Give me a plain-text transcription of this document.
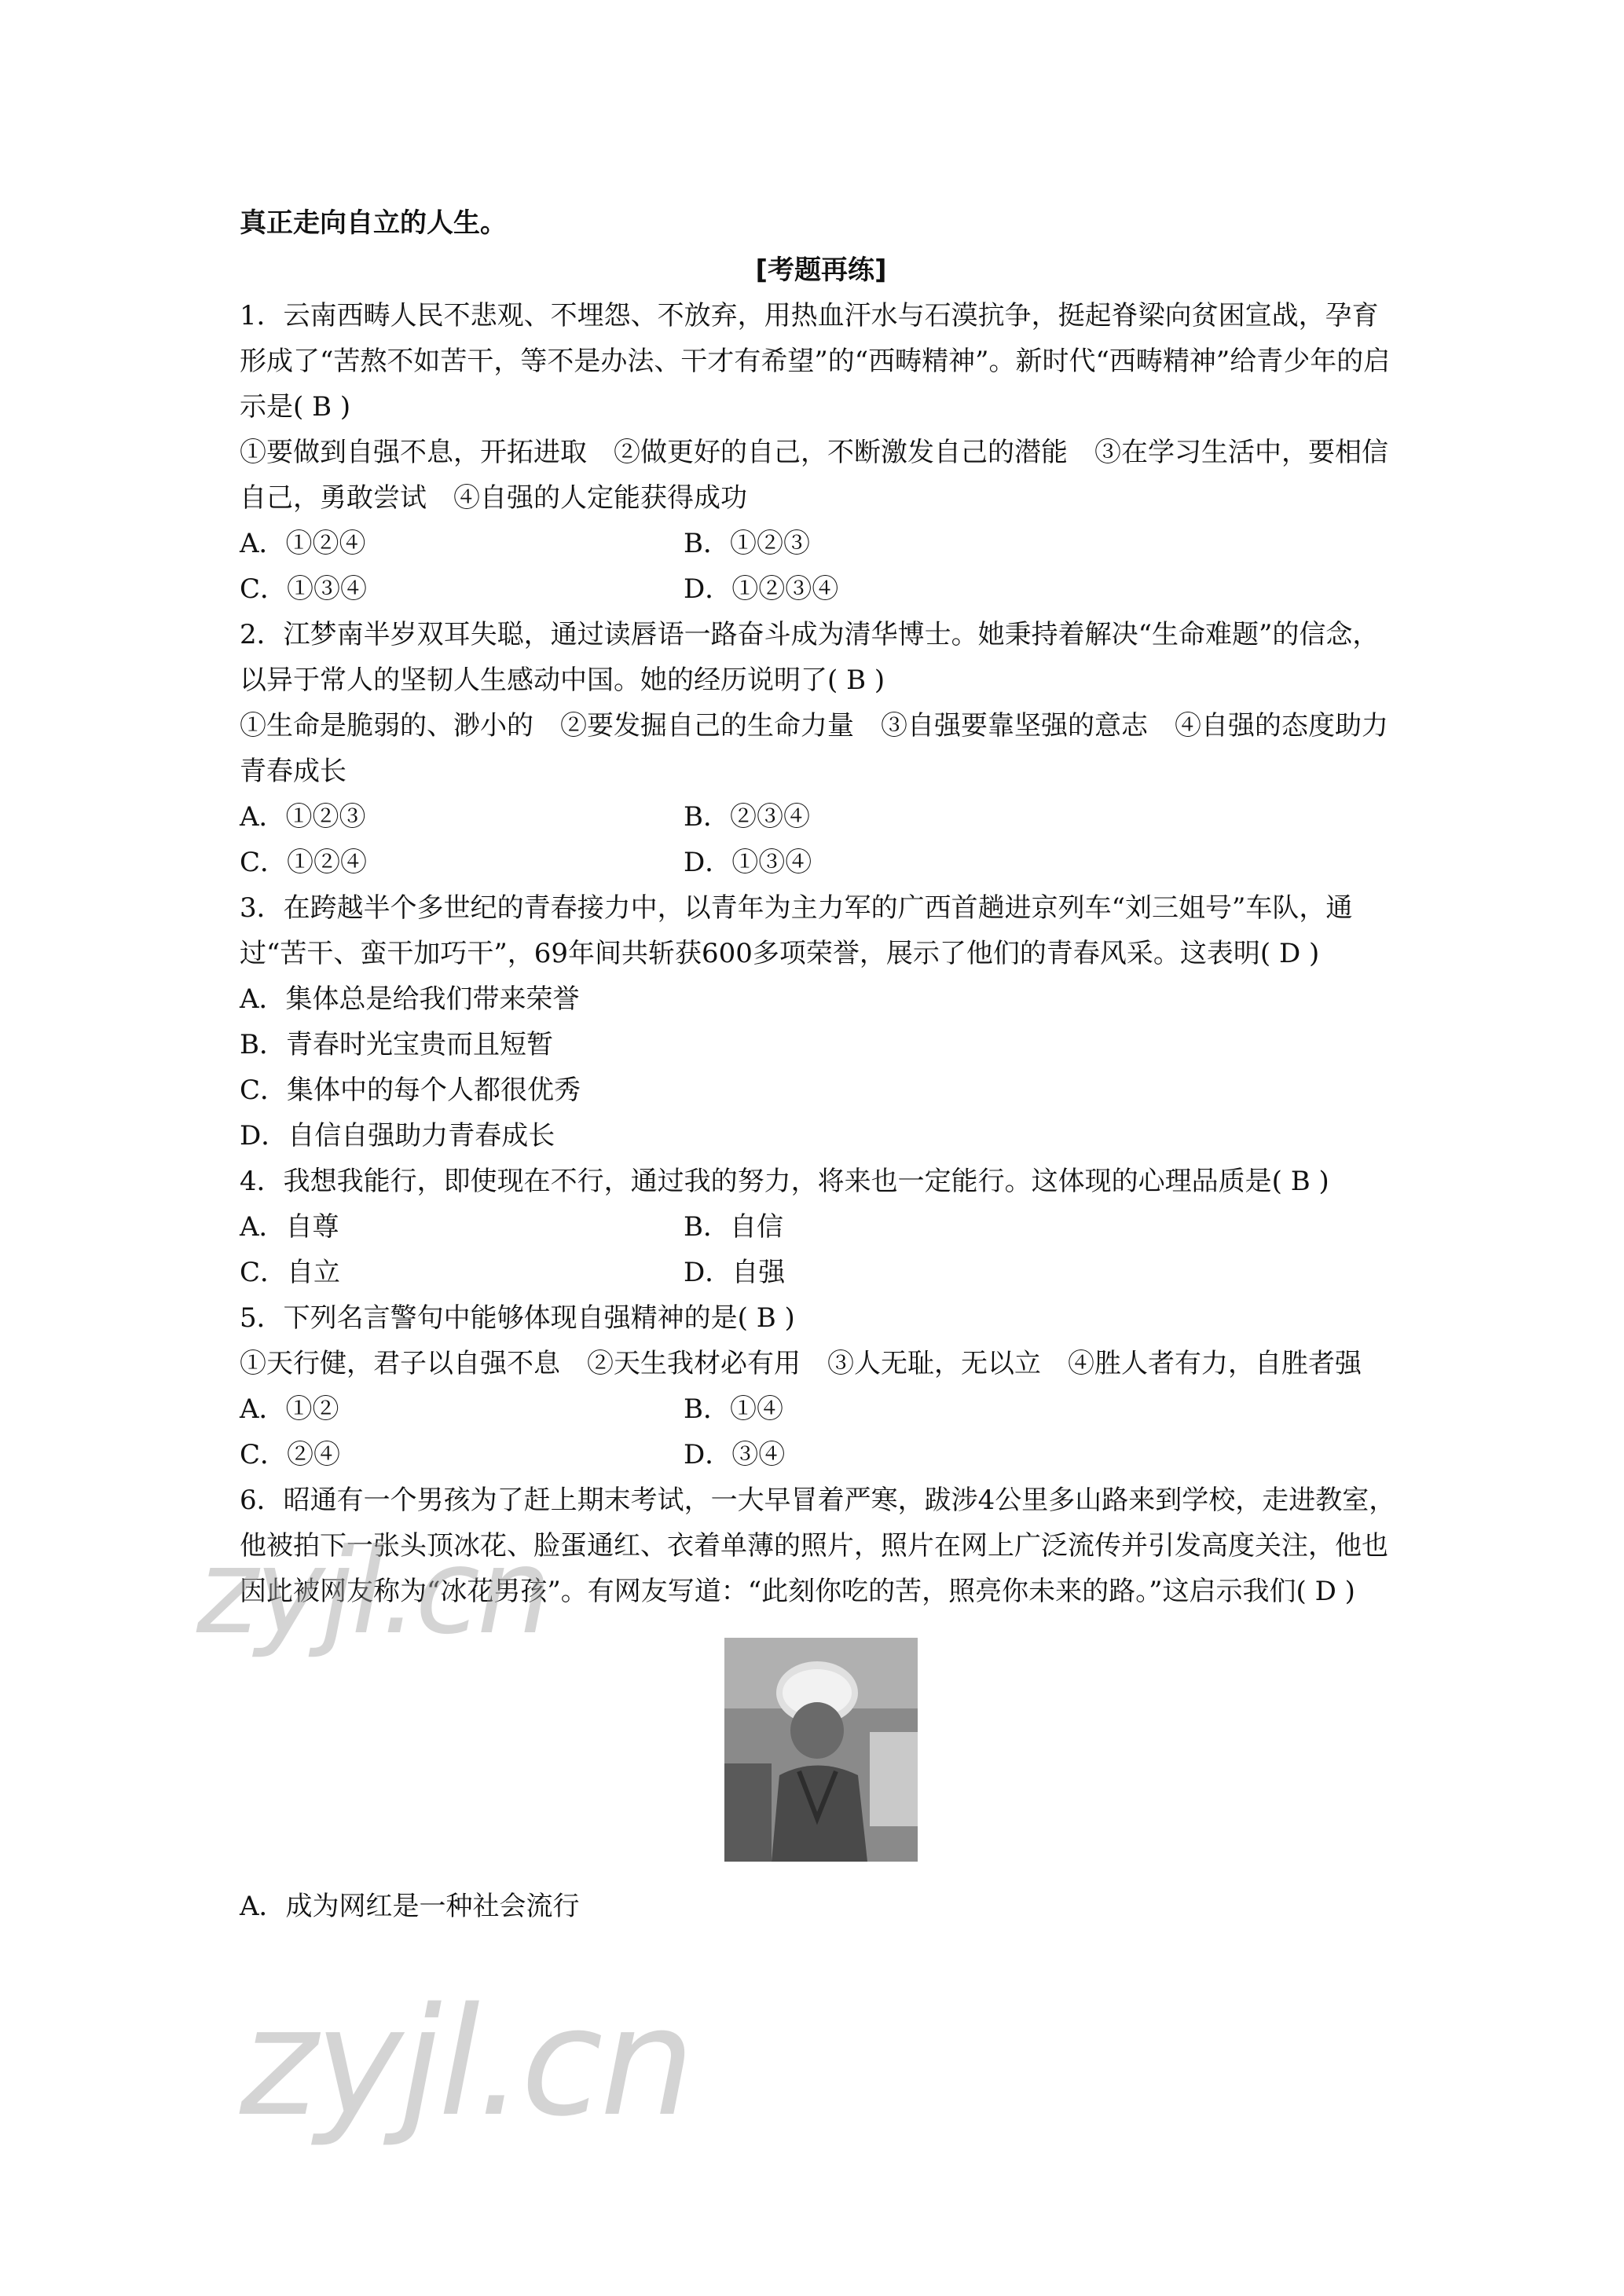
真正走向自立的人生。

[考题再练]

1．云南西畴人民不悲观、不埋怨、不放弃，用热血汗水与石漠抗争，挺起脊梁向贫困宣战，孕育形成了“苦熬不如苦干，等不是办法、干才有希望”的“西畴精神”。新时代“西畴精神”给青少年的启示是( B )

①要做到自强不息，开拓进取　②做更好的自己，不断激发自己的潜能　③在学习生活中，要相信自己，勇敢尝试　④自强的人定能获得成功

A．①②④	B．①②③
C．①③④	D．①②③④

2．江梦南半岁双耳失聪，通过读唇语一路奋斗成为清华博士。她秉持着解决“生命难题”的信念，以异于常人的坚韧人生感动中国。她的经历说明了( B )

①生命是脆弱的、渺小的　②要发掘自己的生命力量　③自强要靠坚强的意志　④自强的态度助力青春成长

A．①②③	B．②③④
C．①②④	D．①③④

3．在跨越半个多世纪的青春接力中，以青年为主力军的广西首趟进京列车“刘三姐号”车队，通过“苦干、蛮干加巧干”，69年间共斩获600多项荣誉，展示了他们的青春风采。这表明( D )

A．集体总是给我们带来荣誉
B．青春时光宝贵而且短暂
C．集体中的每个人都很优秀
D．自信自强助力青春成长

4．我想我能行，即使现在不行，通过我的努力，将来也一定能行。这体现的心理品质是( B )

A．自尊	B．自信
C．自立	D．自强

5．下列名言警句中能够体现自强精神的是( B )

①天行健，君子以自强不息　②天生我材必有用　③人无耻，无以立　④胜人者有力，自胜者强

A．①②	B．①④
C．②④	D．③④

6．昭通有一个男孩为了赶上期末考试，一大早冒着严寒，跋涉4公里多山路来到学校，走进教室，他被拍下一张头顶冰花、脸蛋通红、衣着单薄的照片，照片在网上广泛流传并引发高度关注，他也因此被网友称为“冰花男孩”。有网友写道：“此刻你吃的苦，照亮你未来的路。”这启示我们( D )

A．成为网红是一种社会流行
zyjl.cn
zyjl.cn
